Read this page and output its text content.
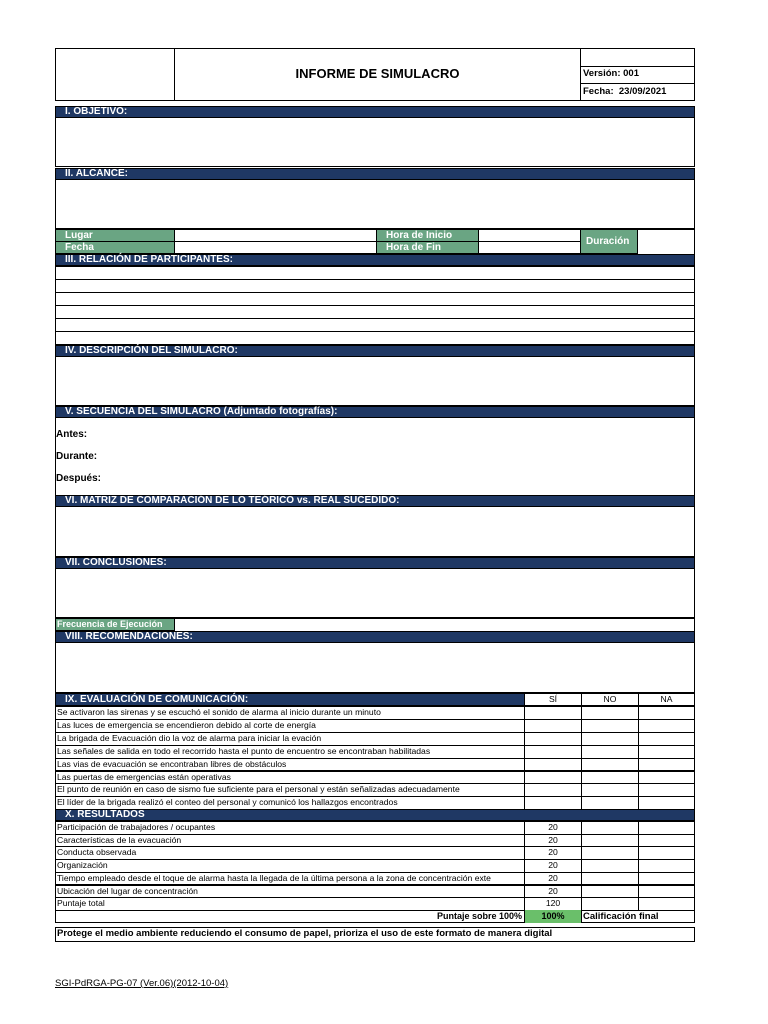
INFORME DE SIMULACRO	Versión: 001
Fecha:  23/09/2021
I. OBJETIVO:
II. ALCANCE:
Lugar	Hora de Inicio
Fecha	Hora de Fin
Duración
III. RELACIÓN DE PARTICIPANTES:
IV. DESCRIPCIÓN DEL SIMULACRO:
V. SECUENCIA DEL SIMULACRO (Adjuntado fotografías):
Antes:
Durante:
Después:
VI. MATRIZ DE COMPARACIÓN DE LO TEÓRICO vs. REAL SUCEDIDO:
VII. CONCLUSIONES:
Frecuencia de Ejecución
VIII. RECOMENDACIONES:
IX. EVALUACIÓN DE COMUNICACIÓN:	SÍ	NO	NA
Se activaron las sirenas y se escuchó el sonido de alarma al inicio durante un minuto
Las luces de emergencia se encendieron debido al corte de energía
La brigada de Evacuación dio la voz de alarma para iniciar la evación
Las señales de salida en todo el recorrido hasta el punto de encuentro se encontraban habilitadas
Las vias de evacuación se encontraban libres de obstáculos
Las puertas de emergencias están operativas
El punto de reunión en caso de sismo fue suficiente para el personal y están señalizadas adecuadamente
El líder de la brigada realizó el conteo del personal y comunicó los hallazgos encontrados
X. RESULTADOS
Participación de trabajadores / ocupantes	20
Características de la evacuación	20
Conducta observada	20
Organización	20
Tiempo empleado desde el toque de alarma hasta la llegada de la última persona a la zona de concentración exte	20
Ubicación del lugar de concentración	20
Puntaje total	120
Puntaje sobre 100%	100%	Calificación final
Protege el medio ambiente reduciendo el consumo de papel, prioriza el uso de este formato de manera digital
SGI-PdRGA-PG-07 (Ver.06)(2012-10-04)
